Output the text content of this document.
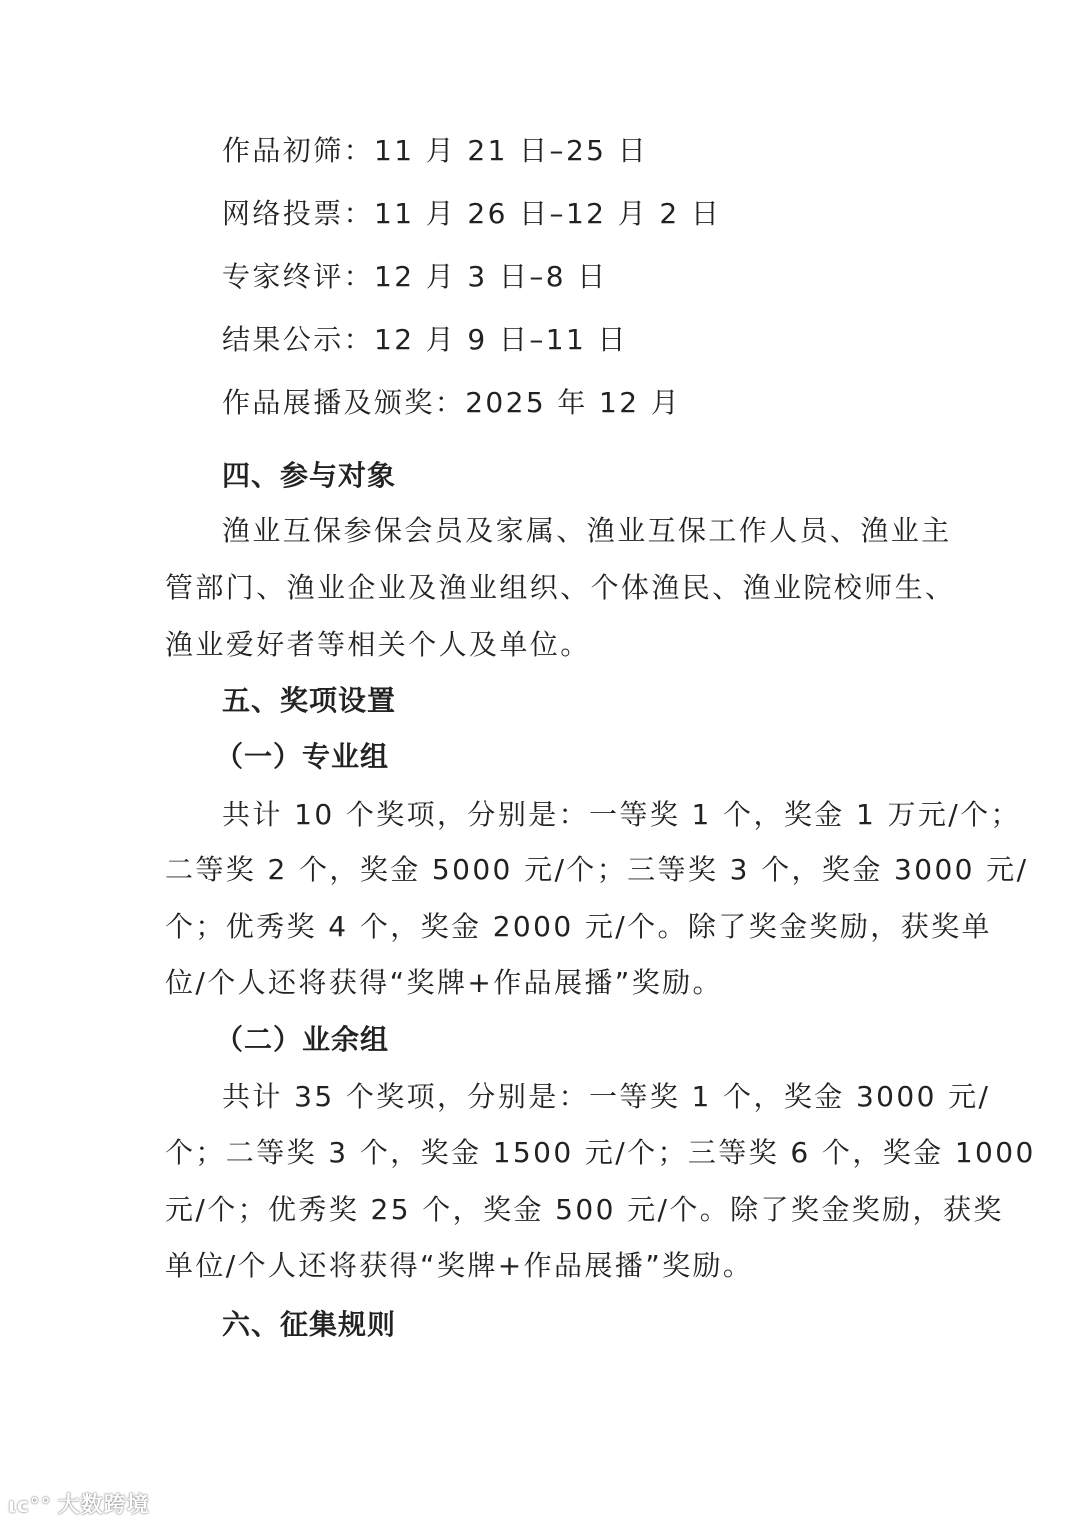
作品初筛：11 月 21 日–25 日
网络投票：11 月 26 日–12 月 2 日
专家终评：12 月 3 日–8 日
结果公示：12 月 9 日–11 日
作品展播及颁奖：2025 年 12 月
四、参与对象
渔业互保参保会员及家属、渔业互保工作人员、渔业主
管部门、渔业企业及渔业组织、个体渔民、渔业院校师生、
渔业爱好者等相关个人及单位。
五、奖项设置
（一）专业组
共计 10 个奖项，分别是：一等奖 1 个，奖金 1 万元/个；
二等奖 2 个，奖金 5000 元/个；三等奖 3 个，奖金 3000 元/
个；优秀奖 4 个，奖金 2000 元/个。除了奖金奖励，获奖单
位/个人还将获得“奖牌+作品展播”奖励。
（二）业余组
共计 35 个奖项，分别是：一等奖 1 个，奖金 3000 元/
个；二等奖 3 个，奖金 1500 元/个；三等奖 6 个，奖金 1000
元/个；优秀奖 25 个，奖金 500 元/个。除了奖金奖励，获奖
单位/个人还将获得“奖牌+作品展播”奖励。
六、征集规则
ιc°° 大数跨境
